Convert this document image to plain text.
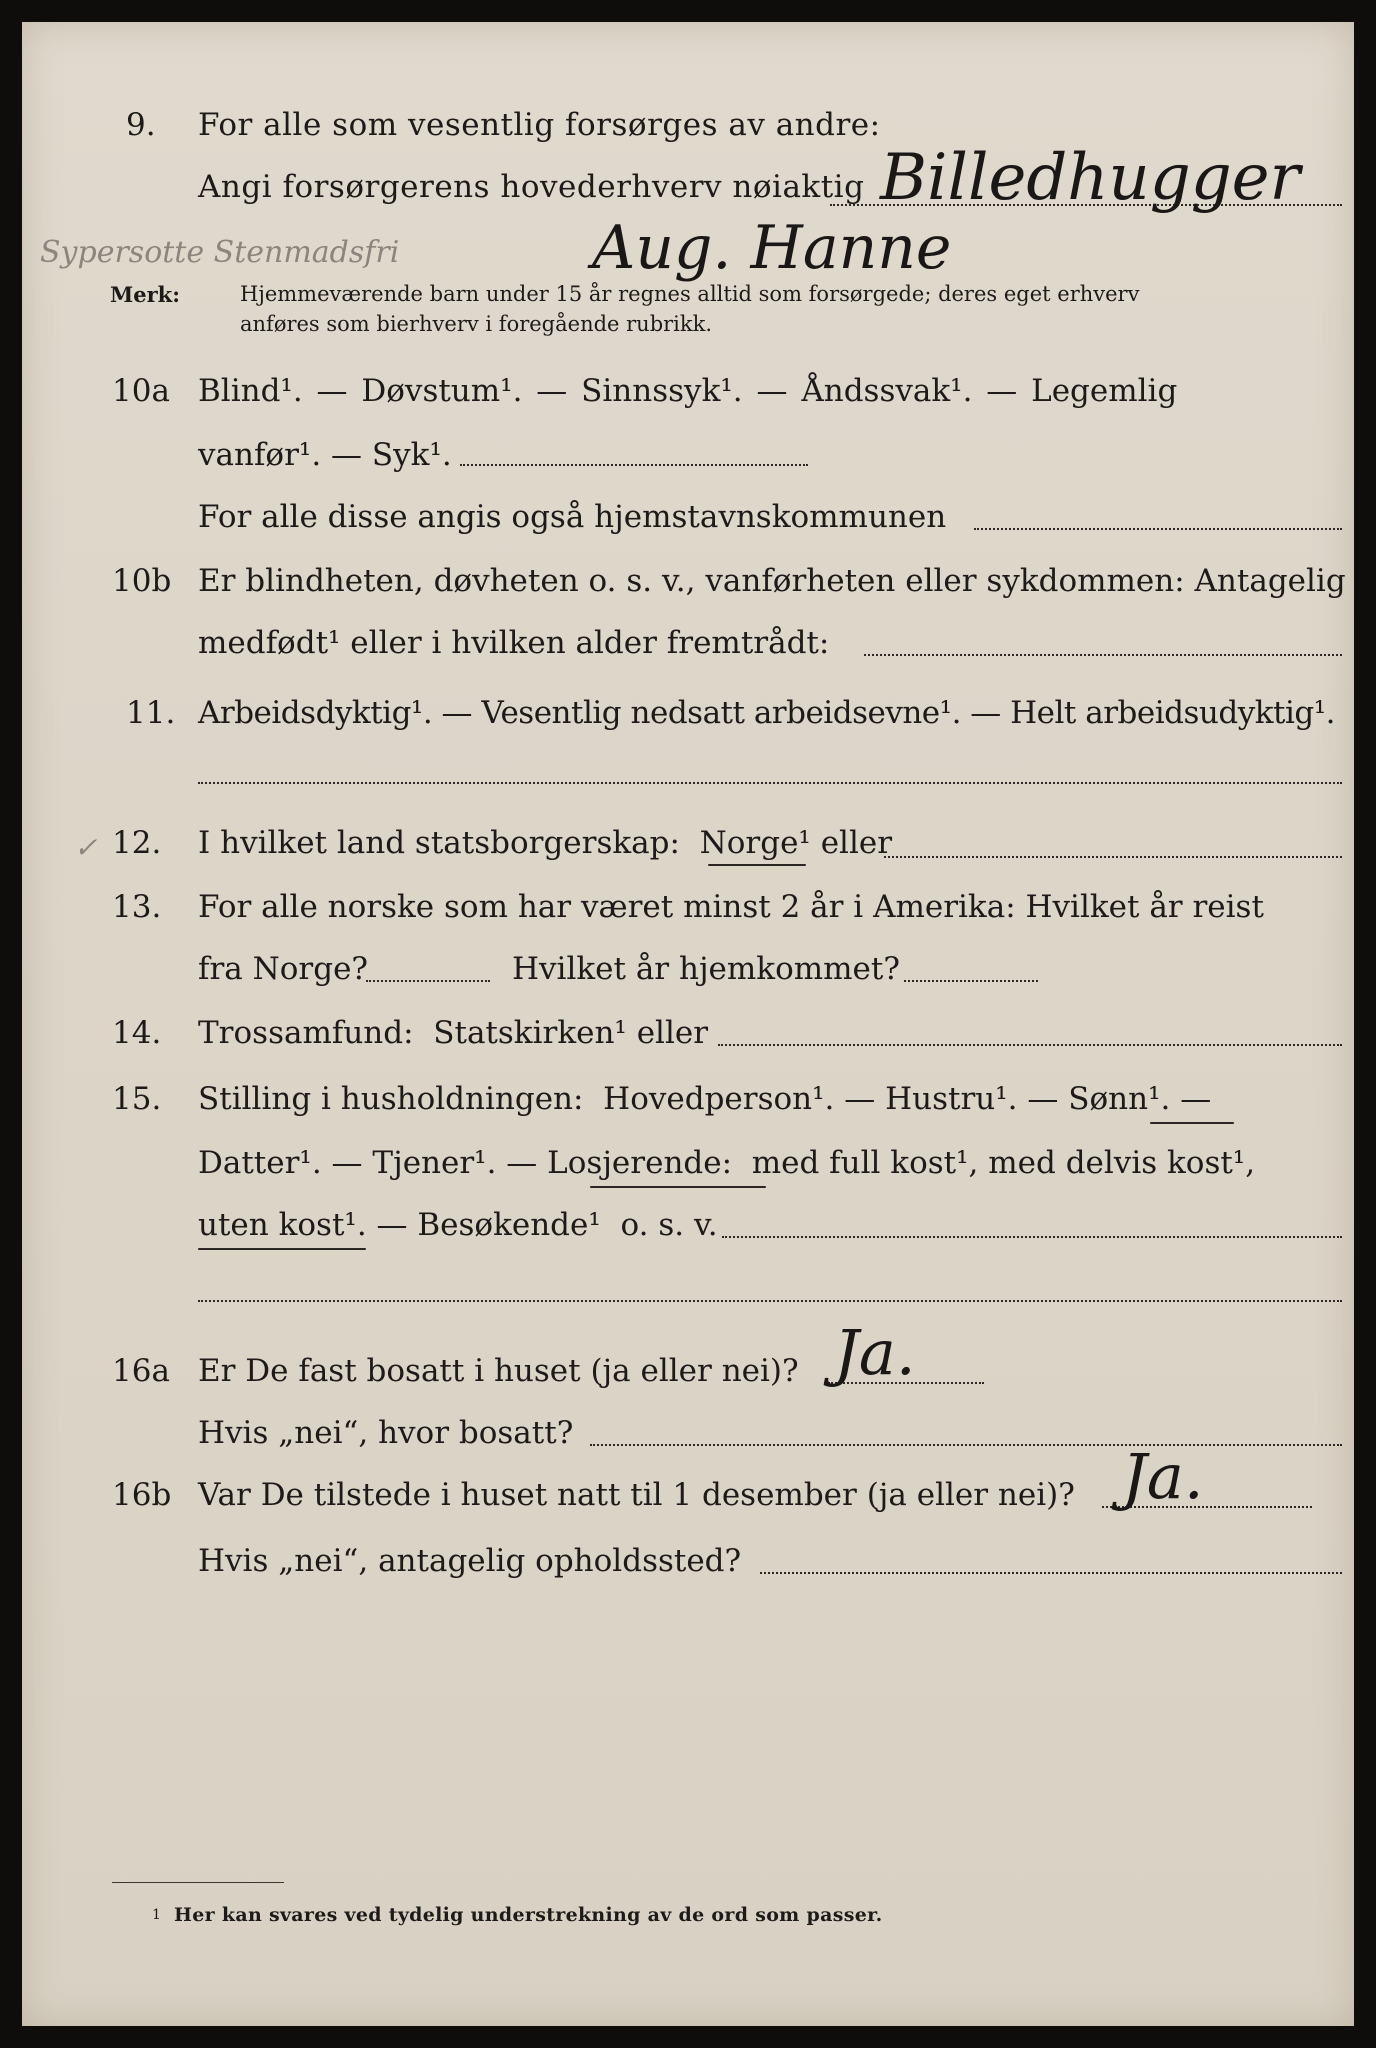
9. For alle som vesentlig forsørges av andre:
Angi forsørgerens hovederhverv nøiaktig Billedhugger
Sypersotte Stenmadsfri	Aug. Hanne
Merk:	Hjemmeværende barn under 15 år regnes alltid som forsørgede; deres eget erhverv
anføres som bierhverv i foregående rubrikk.
10a Blind¹. — Døvstum¹. — Sinnssyk¹. — Åndssvak¹. — Legemlig
vanfør¹. — Syk¹.
For alle disse angis også hjemstavnskommunen
10b Er blindheten, døvheten o. s. v., vanførheten eller sykdommen: Antagelig
medfødt¹ eller i hvilken alder fremtrådt:
11. Arbeidsdyktig¹. — Vesentlig nedsatt arbeidsevne¹. — Helt arbeidsudyktig¹.
✓ 12. I hvilket land statsborgerskap:  Norge¹ eller
13. For alle norske som har været minst 2 år i Amerika: Hvilket år reist
fra Norge?	Hvilket år hjemkommet?
14. Trossamfund:  Statskirken¹ eller
15. Stilling i husholdningen:  Hovedperson¹. — Hustru¹. — Sønn¹. —
Datter¹. — Tjener¹. — Losjerende:  med full kost¹, med delvis kost¹,
uten kost¹. — Besøkende¹  o. s. v.
16a Er De fast bosatt i huset (ja eller nei)? Ja.
Hvis „nei“, hvor bosatt?
16b Var De tilstede i huset natt til 1 desember (ja eller nei)? Ja.
Hvis „nei“, antagelig opholdssted?
1 Her kan svares ved tydelig understrekning av de ord som passer.
